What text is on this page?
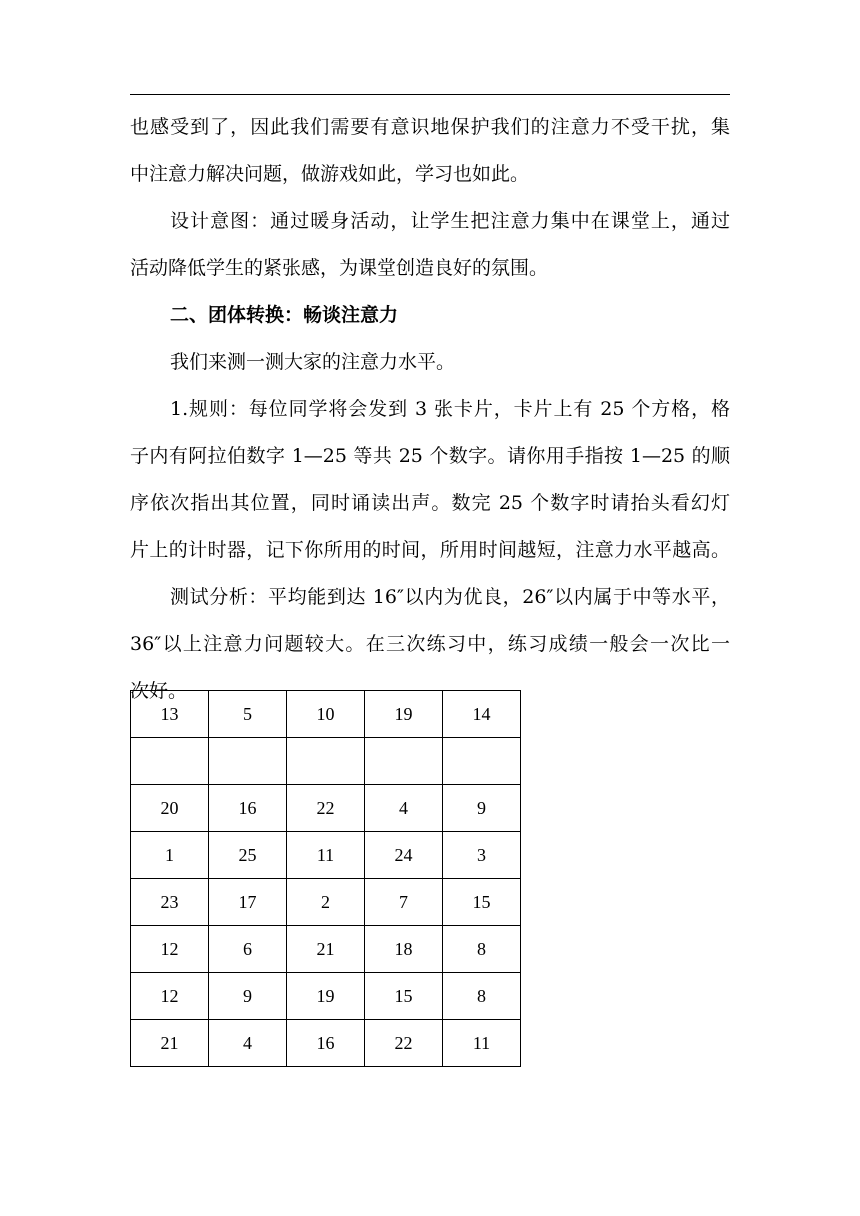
也感受到了，因此我们需要有意识地保护我们的注意力不受干扰，集
中注意力解决问题，做游戏如此，学习也如此。
设计意图：通过暖身活动，让学生把注意力集中在课堂上，通过
活动降低学生的紧张感，为课堂创造良好的氛围。
二、团体转换：畅谈注意力
我们来测一测大家的注意力水平。
1.规则：每位同学将会发到 3 张卡片，卡片上有 25 个方格，格
子内有阿拉伯数字 1—25 等共 25 个数字。请你用手指按 1—25 的顺
序依次指出其位置，同时诵读出声。数完 25 个数字时请抬头看幻灯
片上的计时器，记下你所用的时间，所用时间越短，注意力水平越高。
测试分析：平均能到达 16″以内为优良，26″以内属于中等水平，
36″以上注意力问题较大。在三次练习中，练习成绩一般会一次比一
次好。
13	5	10	19	14

20	16	22	4	9
1	25	11	24	3
23	17	2	7	15
12	6	21	18	8
12	9	19	15	8
21	4	16	22	11
